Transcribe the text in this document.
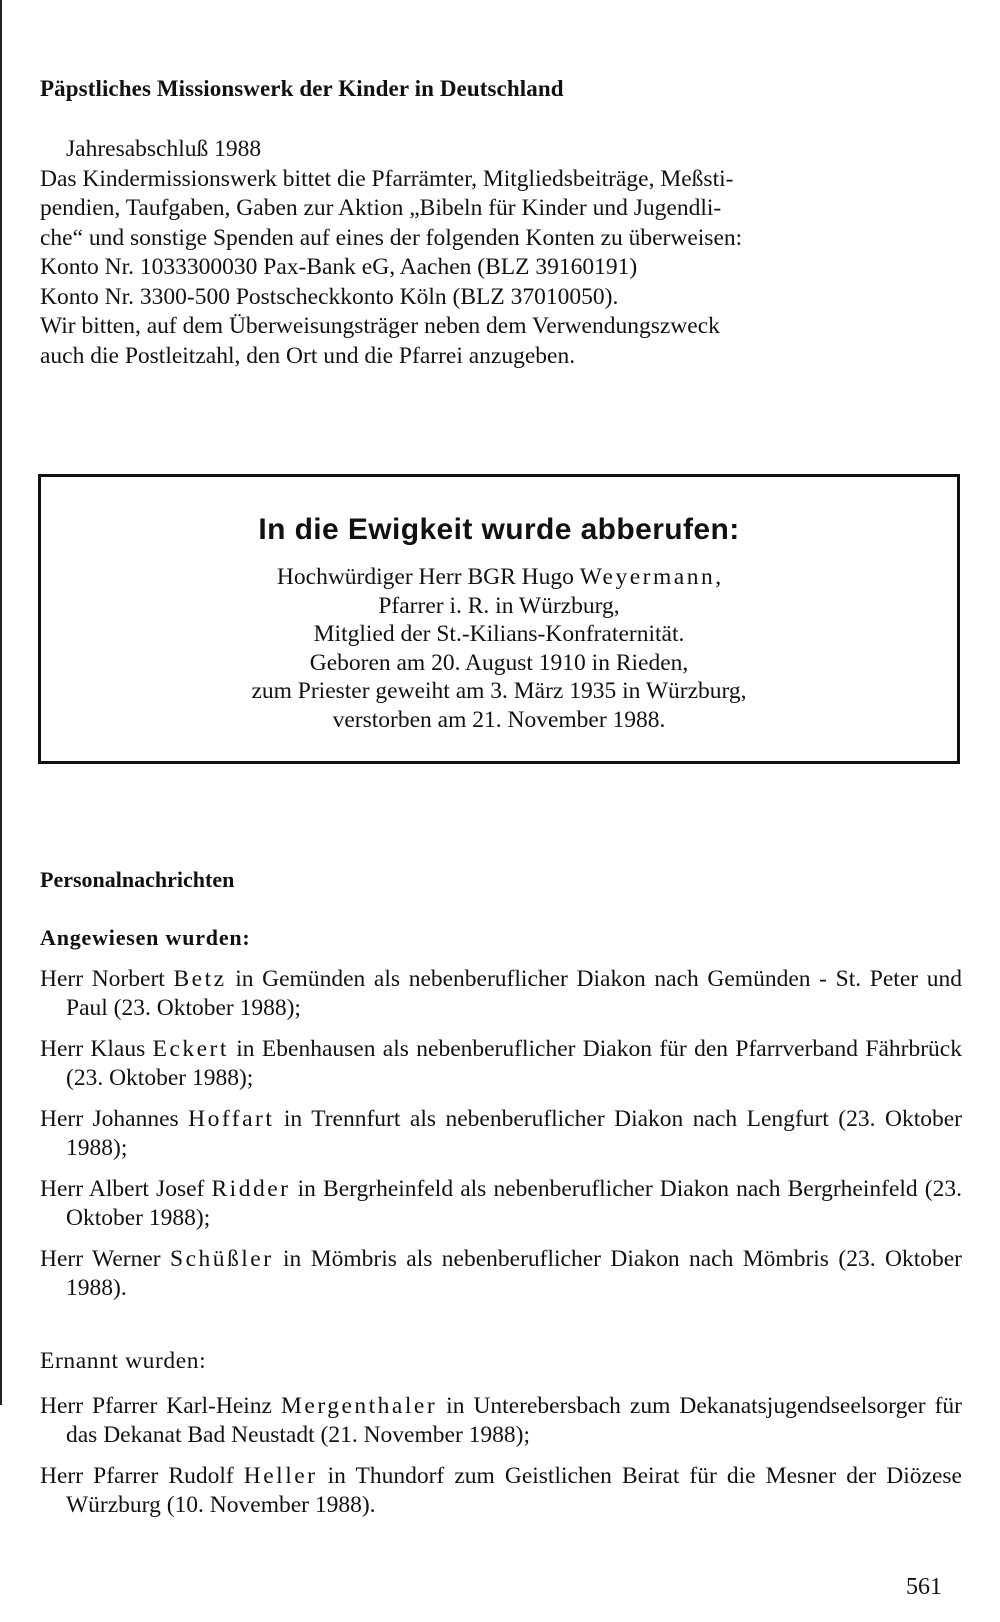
Päpstliches Missionswerk der Kinder in Deutschland
Jahresabschluß 1988
Das Kindermissionswerk bittet die Pfarrämter, Mitgliedsbeiträge, Meßsti-
pendien, Taufgaben, Gaben zur Aktion „Bibeln für Kinder und Jugendli-
che“ und sonstige Spenden auf eines der folgenden Konten zu überweisen:
Konto Nr. 1033300030 Pax-Bank eG, Aachen (BLZ 39160191)
Konto Nr. 3300-500 Postscheckkonto Köln (BLZ 37010050).
Wir bitten, auf dem Überweisungsträger neben dem Verwendungszweck
auch die Postleitzahl, den Ort und die Pfarrei anzugeben.
In die Ewigkeit wurde abberufen:
Hochwürdiger Herr BGR Hugo Weyermann,
Pfarrer i. R. in Würzburg,
Mitglied der St.-Kilians-Konfraternität.
Geboren am 20. August 1910 in Rieden,
zum Priester geweiht am 3. März 1935 in Würzburg,
verstorben am 21. November 1988.
Personalnachrichten
Angewiesen wurden:
Herr Norbert Betz in Gemünden als nebenberuflicher Diakon nach Gemünden - St. Peter und Paul (23. Oktober 1988);
Herr Klaus Eckert in Ebenhausen als nebenberuflicher Diakon für den Pfarrverband Fährbrück (23. Oktober 1988);
Herr Johannes Hoffart in Trennfurt als nebenberuflicher Diakon nach Lengfurt (23. Oktober 1988);
Herr Albert Josef Ridder in Bergrheinfeld als nebenberuflicher Diakon nach Bergrheinfeld (23. Oktober 1988);
Herr Werner Schüßler in Mömbris als nebenberuflicher Diakon nach Mömbris (23. Oktober 1988).
Ernannt wurden:
Herr Pfarrer Karl-Heinz Mergenthaler in Unterebersbach zum Dekanatsjugendseelsorger für das Dekanat Bad Neustadt (21. November 1988);
Herr Pfarrer Rudolf Heller in Thundorf zum Geistlichen Beirat für die Mesner der Diözese Würzburg (10. November 1988).
561
